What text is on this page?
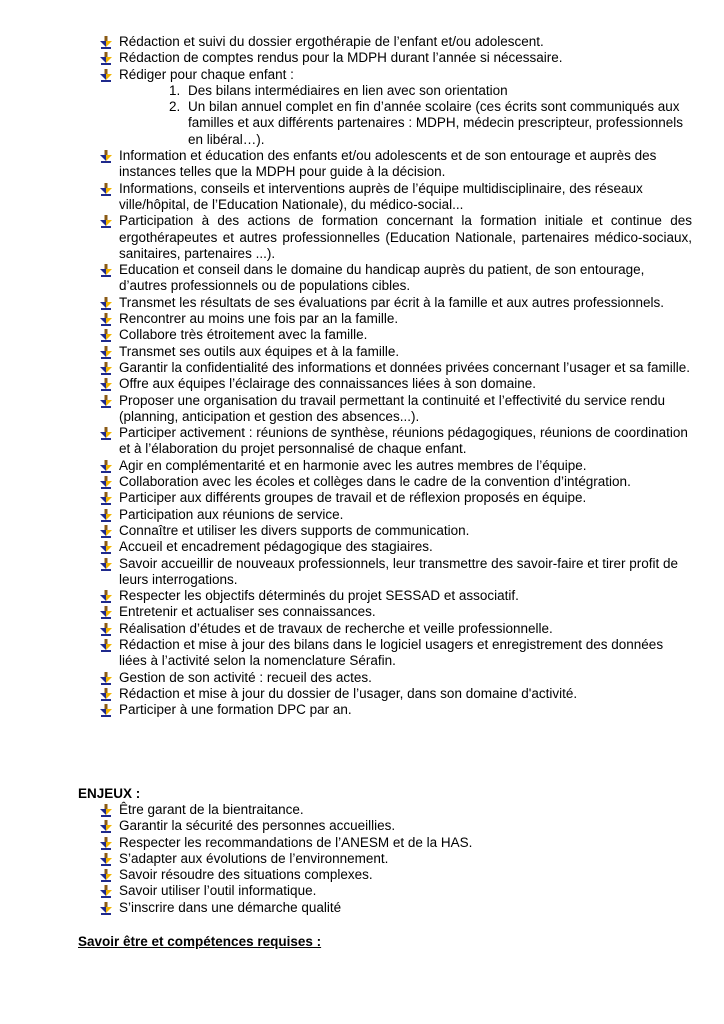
Rédaction et suivi du dossier ergothérapie de l’enfant et/ou adolescent.
Rédaction de comptes rendus pour la MDPH durant l’année si nécessaire.
Rédiger pour chaque enfant :
1. Des bilans intermédiaires en lien avec son orientation
2. Un bilan annuel complet en fin d’année scolaire (ces écrits sont communiqués aux familles et aux différents partenaires : MDPH, médecin prescripteur, professionnels en libéral…).
Information et éducation des enfants et/ou adolescents et de son entourage et auprès des instances telles que la MDPH pour guide à la décision.
Informations, conseils et interventions auprès de l’équipe multidisciplinaire, des réseaux ville/hôpital, de l’Education Nationale), du médico-social...
Participation à des actions de formation concernant la formation initiale et continue des ergothérapeutes et autres professionnelles (Education Nationale, partenaires médico-sociaux, sanitaires, partenaires ...).
Education et conseil dans le domaine du handicap auprès du patient, de son entourage, d’autres professionnels ou de populations cibles.
Transmet les résultats de ses évaluations par écrit à la famille et aux autres professionnels.
Rencontrer au moins une fois par an la famille.
Collabore très étroitement avec la famille.
Transmet ses outils aux équipes et à la famille.
Garantir la confidentialité des informations et données privées concernant l’usager et sa famille.
Offre aux équipes l’éclairage des connaissances liées à son domaine.
Proposer une organisation du travail permettant la continuité et l’effectivité du service rendu (planning, anticipation et gestion des absences...).
Participer activement : réunions de synthèse, réunions pédagogiques, réunions de coordination et à l’élaboration du projet personnalisé de chaque enfant.
Agir en complémentarité et en harmonie avec les autres membres de l’équipe.
Collaboration avec les écoles et collèges dans le cadre de la convention d’intégration.
Participer aux différents groupes de travail et de réflexion proposés en équipe.
Participation aux réunions de service.
Connaître et utiliser les divers supports de communication.
Accueil et encadrement pédagogique des stagiaires.
Savoir accueillir de nouveaux professionnels, leur transmettre des savoir-faire et tirer profit de leurs interrogations.
Respecter les objectifs déterminés du projet SESSAD et associatif.
Entretenir et actualiser ses connaissances.
Réalisation d’études et de travaux de recherche et veille professionnelle.
Rédaction et mise à jour des bilans dans le logiciel usagers et enregistrement des données liées à l’activité selon la nomenclature Sérafin.
Gestion de son activité : recueil des actes.
Rédaction et mise à jour du dossier de l’usager, dans son domaine d'activité.
Participer à une formation DPC par an.
ENJEUX :
Être garant de la bientraitance.
Garantir la sécurité des personnes accueillies.
Respecter les recommandations de l’ANESM et de la HAS.
S’adapter aux évolutions de l’environnement.
Savoir résoudre des situations complexes.
Savoir utiliser l’outil informatique.
S’inscrire dans une démarche qualité
Savoir être et compétences requises :
